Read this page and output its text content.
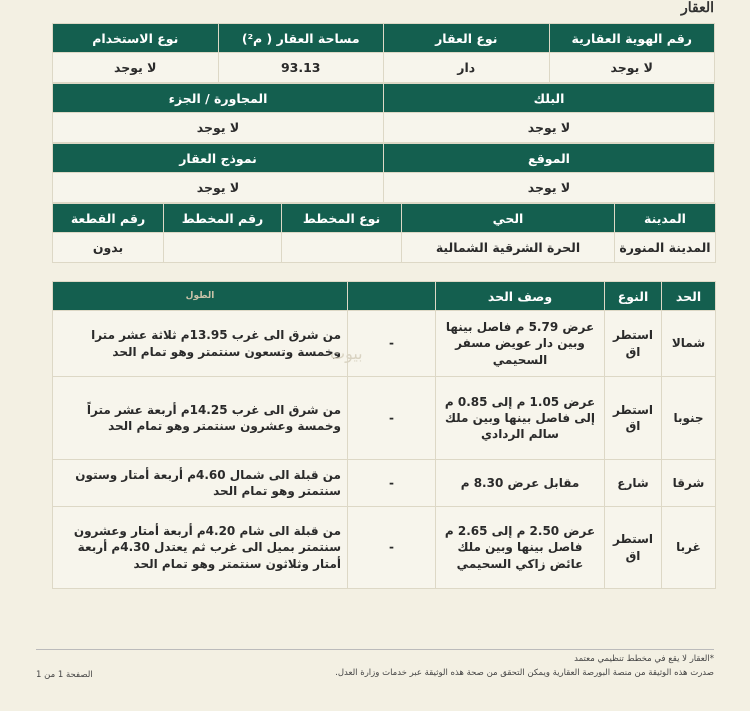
العقار
رقم الهوية العقارية	نوع العقار	مساحة العقار ( م²)	نوع الاستخدام
لا يوجد	دار	93.13	لا يوجد
البلك	المجاورة / الجزء
لا يوجد	لا يوجد
الموقع	نموذج العقار
لا يوجد	لا يوجد
المدينة	الحي	نوع المخطط	رقم المخطط	رقم القطعة
المدينة المنورة	الحرة الشرقية الشمالية			بدون
الحد	النوع	وصف الحد		الطول
شمالا	استطر اق	عرض 5.79 م فاصل بينها وبين دار عويض مسفر السحيمي	-	من شرق الى غرب 13.95م ثلاثة عشر مترا وخمسة وتسعون سنتمتر وهو تمام الحد
جنوبا	استطر اق	عرض 1.05 م إلى 0.85 م إلى فاصل بينها وبين ملك سالم الردادي	-	من شرق الى غرب 14.25م أربعة عشر متراً وخمسة وعشرون سنتمتر وهو تمام الحد
شرقا	شارع	مقابل عرض 8.30 م	-	من قبلة الى شمال 4.60م أربعة أمتار وستون سنتمتر وهو تمام الحد
غربا	استطر اق	عرض 2.50 م إلى 2.65 م فاصل بينها وبين ملك عائض زاكي السحيمي	-	من قبلة الى شام 4.20م أربعة أمتار وعشرون سنتمتر بميل الى غرب ثم يعتدل 4.30م أربعة أمتار وثلاثون سنتمتر وهو تمام الحد
بيوت
*العقار لا يقع في مخطط تنظيمي معتمد
صدرت هذه الوثيقة من منصة البورصة العقارية ويمكن التحقق من صحة هذه الوثيقة عبر خدمات وزارة العدل.
الصفحة 1 من 1
